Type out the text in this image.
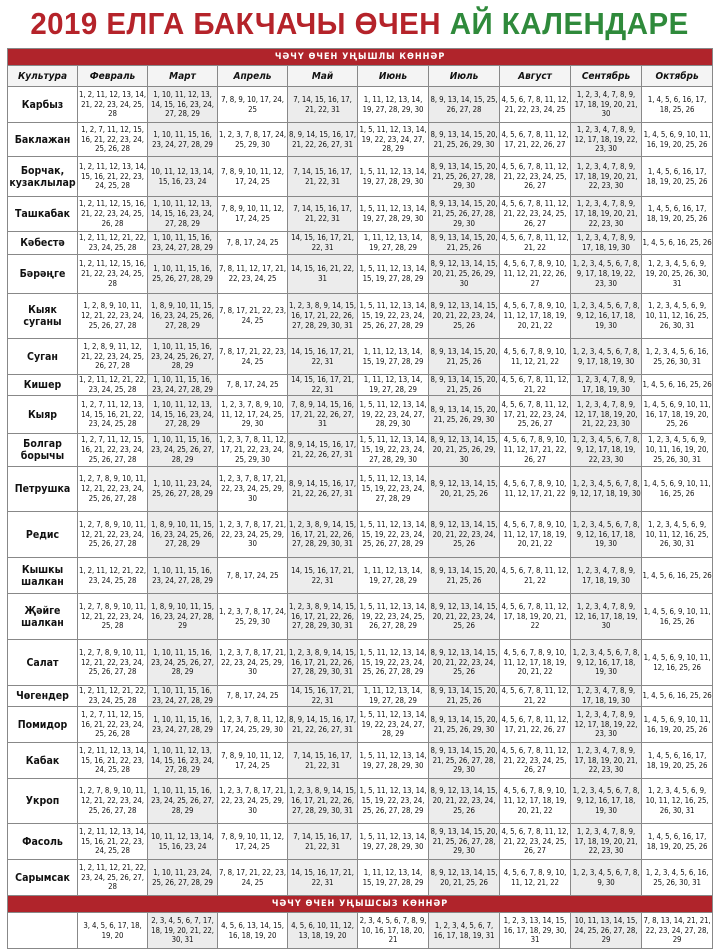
2019 ЕЛГА БАКЧАЧЫ ӨЧЕН АЙ КАЛЕНДАРЕ
ЧӘЧҮ ӨЧЕН УҢЫШЛЫ КӨННӘР									
Культура	Февраль	Март	Апрель	Май	Июнь	Июль	Август	Сентябрь	Октябрь
Карбыз	1, 2, 11, 12, 13, 14, 21, 22, 23, 24, 25, 28	1, 10, 11, 12, 13, 14, 15, 16, 23, 24, 27, 28, 29	7, 8, 9, 10, 17, 24, 25	7, 14, 15, 16, 17, 21, 22, 31	1, 11, 12, 13, 14, 19, 27, 28, 29, 30	8, 9, 13, 14, 15, 25, 26, 27, 28	4, 5, 6, 7, 8, 11, 12, 21, 22, 23, 24, 25	1, 2, 3, 4, 7, 8, 9, 17, 18, 19, 20, 21, 30	1, 4, 5, 6, 16, 17, 18, 25, 26
Баклажан	1, 2, 7, 11, 12, 15, 16, 21, 22, 23, 24, 25, 26, 28	1, 10, 11, 15, 16, 23, 24, 27, 28, 29	1, 2, 3, 7, 8, 17, 24, 25, 29, 30	8, 9, 14, 15, 16, 17, 21, 22, 26, 27, 31	1, 5, 11, 12, 13, 14, 19, 22, 23, 24, 27, 28, 29	8, 9, 13, 14, 15, 20, 21, 25, 26, 29, 30	4, 5, 6, 7, 8, 11, 12, 17, 21, 22, 26, 27	1, 2, 3, 4, 7, 8, 9, 12, 17, 18, 19, 22, 23, 30	1, 4, 5, 6, 9, 10, 11, 16, 19, 20, 25, 26
Борчак, кузаклылар	1, 2, 11, 12, 13, 14, 15, 16, 21, 22, 23, 24, 25, 28	10, 11, 12, 13, 14, 15, 16, 23, 24	7, 8, 9, 10, 11, 12, 17, 24, 25	7, 14, 15, 16, 17, 21, 22, 31	1, 5, 11, 12, 13, 14, 19, 27, 28, 29, 30	8, 9, 13, 14, 15, 20, 21, 25, 26, 27, 28, 29, 30	4, 5, 6, 7, 8, 11, 12, 21, 22, 23, 24, 25, 26, 27	1, 2, 3, 4, 7, 8, 9, 17, 18, 19, 20, 21, 22, 23, 30	1, 4, 5, 6, 16, 17, 18, 19, 20, 25, 26
Ташкабак	1, 2, 11, 12, 15, 16, 21, 22, 23, 24, 25, 26, 28	1, 10, 11, 12, 13, 14, 15, 16, 23, 24, 27, 28, 29	7, 8, 9, 10, 11, 12, 17, 24, 25	7, 14, 15, 16, 17, 21, 22, 31	1, 5, 11, 12, 13, 14, 19, 27, 28, 29, 30	8, 9, 13, 14, 15, 20, 21, 25, 26, 27, 28, 29, 30	4, 5, 6, 7, 8, 11, 12, 21, 22, 23, 24, 25, 26, 27	1, 2, 3, 4, 7, 8, 9, 17, 18, 19, 20, 21, 22, 23, 30	1, 4, 5, 6, 16, 17, 18, 19, 20, 25, 26
Кәбестә	1, 2, 11, 12, 21, 22, 23, 24, 25, 28	1, 10, 11, 15, 16, 23, 24, 27, 28, 29	7, 8, 17, 24, 25	14, 15, 16, 17, 21, 22, 31	1, 11, 12, 13, 14, 19, 27, 28, 29	8, 9, 13, 14, 15, 20, 21, 25, 26	4, 5, 6, 7, 8, 11, 12, 21, 22	1, 2, 3, 4, 7, 8, 9, 17, 18, 19, 30	1, 4, 5, 6, 16, 25, 26
Бәрәңге	1, 2, 11, 12, 15, 16, 21, 22, 23, 24, 25, 28	1, 10, 11, 15, 16, 25, 26, 27, 28, 29	7, 8, 11, 12, 17, 21, 22, 23, 24, 25	14, 15, 16, 21, 22, 31	1, 5, 11, 12, 13, 14, 15, 19, 27, 28, 29	8, 9, 12, 13, 14, 15, 20, 21, 25, 26, 29, 30	4, 5, 6, 7, 8, 9, 10, 11, 12, 21, 22, 26, 27	1, 2, 3, 4, 5, 6, 7, 8, 9, 17, 18, 19, 22, 23, 30	1, 2, 3, 4, 5, 6, 9, 19, 20, 25, 26, 30, 31
Кыяк суганы	1, 2, 8, 9, 10, 11, 12, 21, 22, 23, 24, 25, 26, 27, 28	1, 8, 9, 10, 11, 15, 16, 23, 24, 25, 26, 27, 28, 29	7, 8, 17, 21, 22, 23, 24, 25	1, 2, 3, 8, 9, 14, 15, 16, 17, 21, 22, 26, 27, 28, 29, 30, 31	1, 5, 11, 12, 13, 14, 15, 19, 22, 23, 24, 25, 26, 27, 28, 29	8, 9, 12, 13, 14, 15, 20, 21, 22, 23, 24, 25, 26	4, 5, 6, 7, 8, 9, 10, 11, 12, 17, 18, 19, 20, 21, 22	1, 2, 3, 4, 5, 6, 7, 8, 9, 12, 16, 17, 18, 19, 30	1, 2, 3, 4, 5, 6, 9, 10, 11, 12, 16, 25, 26, 30, 31
Суган	1, 2, 8, 9, 11, 12, 21, 22, 23, 24, 25, 26, 27, 28	1, 10, 11, 15, 16, 23, 24, 25, 26, 27, 28, 29	7, 8, 17, 21, 22, 23, 24, 25	14, 15, 16, 17, 21, 22, 31	1, 11, 12, 13, 14, 15, 19, 27, 28, 29	8, 9, 13, 14, 15, 20, 21, 25, 26	4, 5, 6, 7, 8, 9, 10, 11, 12, 21, 22	1, 2, 3, 4, 5, 6, 7, 8, 9, 17, 18, 19, 30	1, 2, 3, 4, 5, 6, 16, 25, 26, 30, 31
Кишер	1, 2, 11, 12, 21, 22, 23, 24, 25, 28	1, 10, 11, 15, 16, 23, 24, 27, 28, 29	7, 8, 17, 24, 25	14, 15, 16, 17, 21, 22, 31	1, 11, 12, 13, 14, 19, 27, 28, 29	8, 9, 13, 14, 15, 20, 21, 25, 26	4, 5, 6, 7, 8, 11, 12, 21, 22	1, 2, 3, 4, 7, 8, 9, 17, 18, 19, 30	1, 4, 5, 6, 16, 25, 26
Кыяр	1, 2, 7, 11, 12, 13, 14, 15, 16, 21, 22, 23, 24, 25, 28	1, 10, 11, 12, 13, 14, 15, 16, 23, 24, 27, 28, 29	1, 2, 3, 7, 8, 9, 10, 11, 12, 17, 24, 25, 29, 30	7, 8, 9, 14, 15, 16, 17, 21, 22, 26, 27, 31	1, 5, 11, 12, 13, 14, 19, 22, 23, 24, 27, 28, 29, 30	8, 9, 13, 14, 15, 20, 21, 25, 26, 29, 30	4, 5, 6, 7, 8, 11, 12, 17, 21, 22, 23, 24, 25, 26, 27	1, 2, 3, 4, 7, 8, 9, 12, 17, 18, 19, 20, 21, 22, 23, 30	1, 4, 5, 6, 9, 10, 11, 16, 17, 18, 19, 20, 25, 26
Болгар борычы	1, 2, 7, 11, 12, 15, 16, 21, 22, 23, 24, 25, 26, 27, 28	1, 10, 11, 15, 16, 23, 24, 25, 26, 27, 28, 29	1, 2, 3, 7, 8, 11, 12, 17, 21, 22, 23, 24, 25, 29, 30	8, 9, 14, 15, 16, 17, 21, 22, 26, 27, 31	1, 5, 11, 12, 13, 14, 15, 19, 22, 23, 24, 27, 28, 29, 30	8, 9, 12, 13, 14, 15, 20, 21, 25, 26, 29, 30	4, 5, 6, 7, 8, 9, 10, 11, 12, 17, 21, 22, 26, 27	1, 2, 3, 4, 5, 6, 7, 8, 9, 12, 17, 18, 19, 22, 23, 30	1, 2, 3, 4, 5, 6, 9, 10, 11, 16, 19, 20, 25, 26, 30, 31
Петрушка	1, 2, 7, 8, 9, 10, 11, 12, 21, 22, 23, 24, 25, 26, 27, 28	1, 10, 11, 23, 24, 25, 26, 27, 28, 29	1, 2, 3, 7, 8, 17, 21, 22, 23, 24, 25, 29, 30	8, 9, 14, 15, 16, 17, 21, 22, 26, 27, 31	1, 5, 11, 12, 13, 14, 15, 19, 22, 23, 24, 27, 28, 29	8, 9, 12, 13, 14, 15, 20, 21, 25, 26	4, 5, 6, 7, 8, 9, 10, 11, 12, 17, 21, 22	1, 2, 3, 4, 5, 6, 7, 8, 9, 12, 17, 18, 19, 30	1, 4, 5, 6, 9, 10, 11, 16, 25, 26
Редис	1, 2, 7, 8, 9, 10, 11, 12, 21, 22, 23, 24, 25, 26, 27, 28	1, 8, 9, 10, 11, 15, 16, 23, 24, 25, 26, 27, 28, 29	1, 2, 3, 7, 8, 17, 21, 22, 23, 24, 25, 29, 30	1, 2, 3, 8, 9, 14, 15, 16, 17, 21, 22, 26, 27, 28, 29, 30, 31	1, 5, 11, 12, 13, 14, 15, 19, 22, 23, 24, 25, 26, 27, 28, 29	8, 9, 12, 13, 14, 15, 20, 21, 22, 23, 24, 25, 26	4, 5, 6, 7, 8, 9, 10, 11, 12, 17, 18, 19, 20, 21, 22	1, 2, 3, 4, 5, 6, 7, 8, 9, 12, 16, 17, 18, 19, 30	1, 2, 3, 4, 5, 6, 9, 10, 11, 12, 16, 25, 26, 30, 31
Кышкы шалкан	1, 2, 11, 12, 21, 22, 23, 24, 25, 28	1, 10, 11, 15, 16, 23, 24, 27, 28, 29	7, 8, 17, 24, 25	14, 15, 16, 17, 21, 22, 31	1, 11, 12, 13, 14, 19, 27, 28, 29	8, 9, 13, 14, 15, 20, 21, 25, 26	4, 5, 6, 7, 8, 11, 12, 21, 22	1, 2, 3, 4, 7, 8, 9, 17, 18, 19, 30	1, 4, 5, 6, 16, 25, 26
Җәйге шалкан	1, 2, 7, 8, 9, 10, 11, 12, 21, 22, 23, 24, 25, 28	1, 8, 9, 10, 11, 15, 16, 23, 24, 27, 28, 29	1, 2, 3, 7, 8, 17, 24, 25, 29, 30	1, 2, 3, 8, 9, 14, 15, 16, 17, 21, 22, 26, 27, 28, 29, 30, 31	1, 5, 11, 12, 13, 14, 19, 22, 23, 24, 25, 26, 27, 28, 29	8, 9, 12, 13, 14, 15, 20, 21, 22, 23, 24, 25, 26	4, 5, 6, 7, 8, 11, 12, 17, 18, 19, 20, 21, 22	1, 2, 3, 4, 7, 8, 9, 12, 16, 17, 18, 19, 30	1, 4, 5, 6, 9, 10, 11, 16, 25, 26
Салат	1, 2, 7, 8, 9, 10, 11, 12, 21, 22, 23, 24, 25, 26, 27, 28	1, 10, 11, 15, 16, 23, 24, 25, 26, 27, 28, 29	1, 2, 3, 7, 8, 17, 21, 22, 23, 24, 25, 29, 30	1, 2, 3, 8, 9, 14, 15, 16, 17, 21, 22, 26, 27, 28, 29, 30, 31	1, 5, 11, 12, 13, 14, 15, 19, 22, 23, 24, 25, 26, 27, 28, 29	8, 9, 12, 13, 14, 15, 20, 21, 22, 23, 24, 25, 26	4, 5, 6, 7, 8, 9, 10, 11, 12, 17, 18, 19, 20, 21, 22	1, 2, 3, 4, 5, 6, 7, 8, 9, 12, 16, 17, 18, 19, 30	1, 4, 5, 6, 9, 10, 11, 12, 16, 25, 26
Чөгендер	1, 2, 11, 12, 21, 22, 23, 24, 25, 28	1, 10, 11, 15, 16, 23, 24, 27, 28, 29	7, 8, 17, 24, 25	14, 15, 16, 17, 21, 22, 31	1, 11, 12, 13, 14, 19, 27, 28, 29	8, 9, 13, 14, 15, 20, 21, 25, 26	4, 5, 6, 7, 8, 11, 12, 21, 22	1, 2, 3, 4, 7, 8, 9, 17, 18, 19, 30	1, 4, 5, 6, 16, 25, 26
Помидор	1, 2, 7, 11, 12, 15, 16, 21, 22, 23, 24, 25, 26, 28	1, 10, 11, 15, 16, 23, 24, 27, 28, 29	1, 2, 3, 7, 8, 11, 12, 17, 24, 25, 29, 30	8, 9, 14, 15, 16, 17, 21, 22, 26, 27, 31	1, 5, 11, 12, 13, 14, 19, 22, 23, 24, 27, 28, 29	8, 9, 13, 14, 15, 20, 21, 25, 26, 29, 30	4, 5, 6, 7, 8, 11, 12, 17, 21, 22, 26, 27	1, 2, 3, 4, 7, 8, 9, 12, 17, 18, 19, 22, 23, 30	1, 4, 5, 6, 9, 10, 11, 16, 19, 20, 25, 26
Кабак	1, 2, 11, 12, 13, 14, 15, 16, 21, 22, 23, 24, 25, 28	1, 10, 11, 12, 13, 14, 15, 16, 23, 24, 27, 28, 29	7, 8, 9, 10, 11, 12, 17, 24, 25	7, 14, 15, 16, 17, 21, 22, 31	1, 5, 11, 12, 13, 14, 19, 27, 28, 29, 30	8, 9, 13, 14, 15, 20, 21, 25, 26, 27, 28, 29, 30	4, 5, 6, 7, 8, 11, 12, 21, 22, 23, 24, 25, 26, 27	1, 2, 3, 4, 7, 8, 9, 17, 18, 19, 20, 21, 22, 23, 30	1, 4, 5, 6, 16, 17, 18, 19, 20, 25, 26
Укроп	1, 2, 7, 8, 9, 10, 11, 12, 21, 22, 23, 24, 25, 26, 27, 28	1, 10, 11, 15, 16, 23, 24, 25, 26, 27, 28, 29	1, 2, 3, 7, 8, 17, 21, 22, 23, 24, 25, 29, 30	1, 2, 3, 8, 9, 14, 15, 16, 17, 21, 22, 26, 27, 28, 29, 30, 31	1, 5, 11, 12, 13, 14, 15, 19, 22, 23, 24, 25, 26, 27, 28, 29	8, 9, 12, 13, 14, 15, 20, 21, 22, 23, 24, 25, 26	4, 5, 6, 7, 8, 9, 10, 11, 12, 17, 18, 19, 20, 21, 22	1, 2, 3, 4, 5, 6, 7, 8, 9, 12, 16, 17, 18, 19, 30	1, 2, 3, 4, 5, 6, 9, 10, 11, 12, 16, 25, 26, 30, 31
Фасоль	1, 2, 11, 12, 13, 14, 15, 16, 21, 22, 23, 24, 25, 28	10, 11, 12, 13, 14, 15, 16, 23, 24	7, 8, 9, 10, 11, 12, 17, 24, 25	7, 14, 15, 16, 17, 21, 22, 31	1, 5, 11, 12, 13, 14, 19, 27, 28, 29, 30	8, 9, 13, 14, 15, 20, 21, 25, 26, 27, 28, 29, 30	4, 5, 6, 7, 8, 11, 12, 21, 22, 23, 24, 25, 26, 27	1, 2, 3, 4, 7, 8, 9, 17, 18, 19, 20, 21, 22, 23, 30	1, 4, 5, 6, 16, 17, 18, 19, 20, 25, 26
Сарымсак	1, 2, 11, 12, 21, 22, 23, 24, 25, 26, 27, 28	1, 10, 11, 23, 24, 25, 26, 27, 28, 29	7, 8, 17, 21, 22, 23, 24, 25	14, 15, 16, 17, 21, 22, 31	1, 11, 12, 13, 14, 15, 19, 27, 28, 29	8, 9, 12, 13, 14, 15, 20, 21, 25, 26	4, 5, 6, 7, 8, 9, 10, 11, 12, 21, 22	1, 2, 3, 4, 5, 6, 7, 8, 9, 30	1, 2, 3, 4, 5, 6, 16, 25, 26, 30, 31
ЧӘЧҮ ӨЧЕН УҢЫШСЫЗ КӨННӘР									
	3, 4, 5, 6, 17, 18, 19, 20	2, 3, 4, 5, 6, 7, 17, 18, 19, 20, 21, 22, 30, 31	4, 5, 6, 13, 14, 15, 16, 18, 19, 20	4, 5, 6, 10, 11, 12, 13, 18, 19, 20	2, 3, 4, 5, 6, 7, 8, 9, 10, 16, 17, 18, 20, 21	1, 2, 3, 4, 5, 6, 7, 16, 17, 18, 19, 31	1, 2, 3, 13, 14, 15, 16, 17, 18, 29, 30, 31	10, 11, 13, 14, 15, 24, 25, 26, 27, 28, 29	7, 8, 13, 14, 21, 21, 22, 23, 24, 27, 28, 29
